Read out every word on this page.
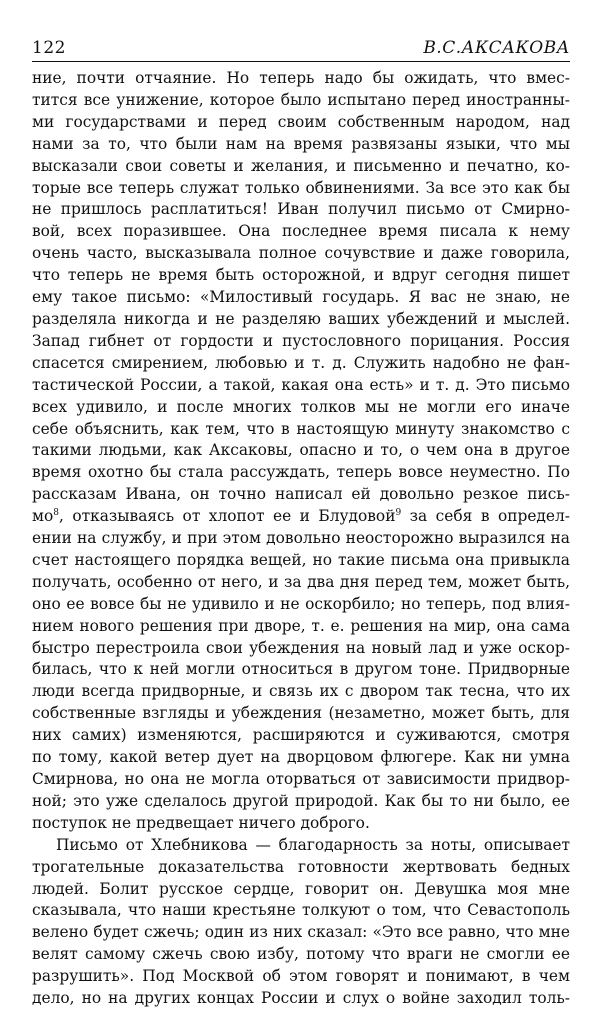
122	В.С.АКСАКОВА
ние, почти отчаяние. Но теперь надо бы ожидать, что вмес-
тится все унижение, которое было испытано перед иностранны-
ми государствами и перед своим собственным народом, над
нами за то, что были нам на время развязаны языки, что мы
высказали свои советы и желания, и письменно и печатно, ко-
торые все теперь служат только обвинениями. За все это как бы
не пришлось расплатиться! Иван получил письмо от Смирно-
вой, всех поразившее. Она последнее время писала к нему
очень часто, высказывала полное сочувствие и даже говорила,
что теперь не время быть осторожной, и вдруг сегодня пишет
ему такое письмо: «Милостивый государь. Я вас не знаю, не
разделяла никогда и не разделяю ваших убеждений и мыслей.
Запад гибнет от гордости и пустословного порицания. Россия
спасется смирением, любовью и т. д. Служить надобно не фан-
тастической России, а такой, какая она есть» и т. д. Это письмо
всех удивило, и после многих толков мы не могли его иначе
себе объяснить, как тем, что в настоящую минуту знакомство с
такими людьми, как Аксаковы, опасно и то, о чем она в другое
время охотно бы стала рассуждать, теперь вовсе неуместно. По
рассказам Ивана, он точно написал ей довольно резкое пись-
$мо^8$, отказываясь от хлопот ее и Блудовой$^9$ за себя в определ-
ении на службу, и при этом довольно неосторожно выразился на
счет настоящего порядка вещей, но такие письма она привыкла
получать, особенно от него, и за два дня перед тем, может быть,
оно ее вовсе бы не удивило и не оскорбило; но теперь, под влия-
нием нового решения при дворе, т. е. решения на мир, она сама
быстро перестроила свои убеждения на новый лад и уже оскор-
билась, что к ней могли относиться в другом тоне. Придворные
люди всегда придворные, и связь их с двором так тесна, что их
собственные взгляды и убеждения (незаметно, может быть, для
них самих) изменяются, расширяются и суживаются, смотря
по тому, какой ветер дует на дворцовом флюгере. Как ни умна
Смирнова, но она не могла оторваться от зависимости придвор-
ной; это уже сделалось другой природой. Как бы то ни было, ее
поступок не предвещает ничего доброго.
Письмо от Хлебникова — благодарность за ноты, описывает
трогательные доказательства готовности жертвовать бедных
людей. Болит русское сердце, говорит он. Девушка моя мне
сказывала, что наши крестьяне толкуют о том, что Севастополь
велено будет сжечь; один из них сказал: «Это все равно, что мне
велят самому сжечь свою избу, потому что враги не смогли ее
разрушить». Под Москвой об этом говорят и понимают, в чем
дело, но на других концах России и слух о войне заходил толь-
